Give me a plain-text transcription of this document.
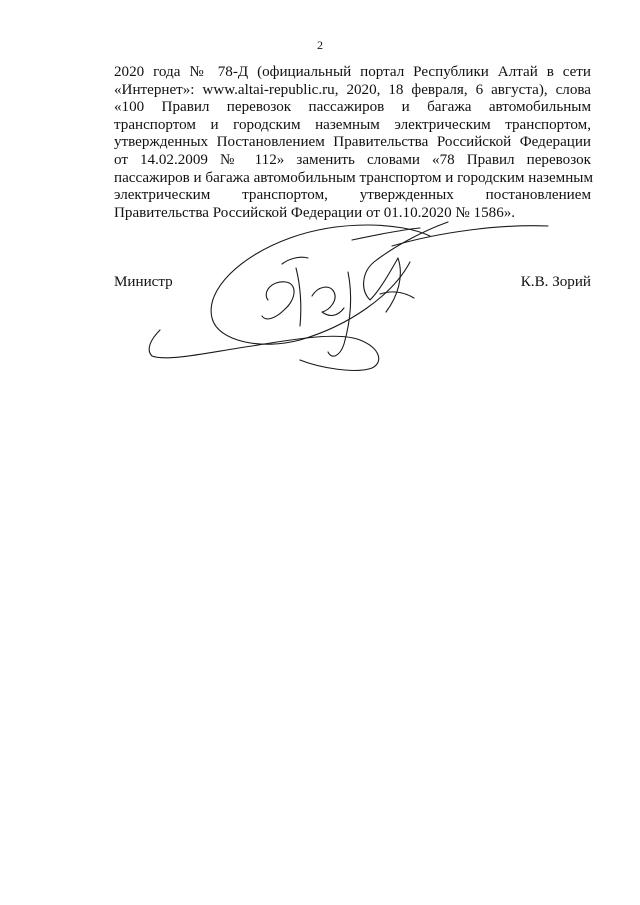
2
2020 года № 78-Д (официальный портал Республики Алтай в сети
«Интернет»: www.altai-republic.ru, 2020, 18 февраля, 6 августа), слова
«100 Правил перевозок пассажиров и багажа автомобильным
транспортом и городским наземным электрическим транспортом,
утвержденных Постановлением Правительства Российской Федерации
от 14.02.2009 № 112» заменить словами «78 Правил перевозок
пассажиров и багажа автомобильным транспортом и городским наземным
электрическим транспортом, утвержденных постановлением
Правительства Российской Федерации от 01.10.2020 № 1586».
Министр	К.В. Зорий
